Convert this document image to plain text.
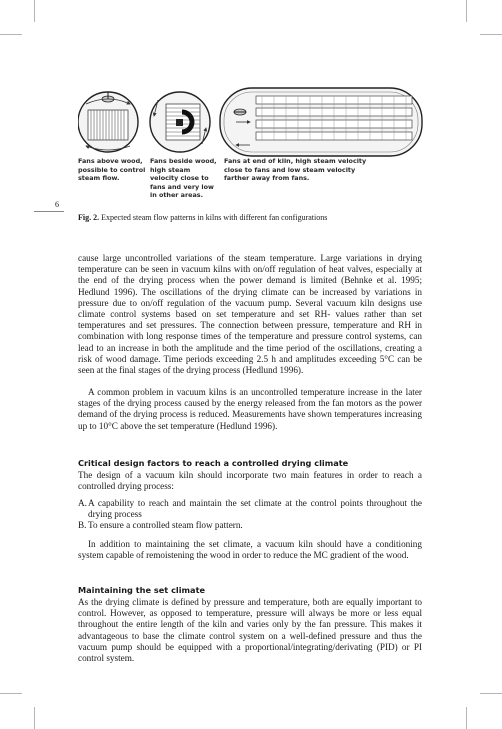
Fans above wood, possible to control steam flow.
Fans beside wood, high steam velocity close to fans and very low in other areas.
Fans at end of kiln, high steam velocity close to fans and low steam velocity farther away from fans.
6
Fig. 2. Expected steam flow patterns in kilns with different fan configurations

cause large uncontrolled variations of the steam temperature. Large variations in drying temperature can be seen in vacuum kilns with on/off regulation of heat valves, especially at the end of the drying process when the power demand is limited (Behnke et al. 1995; Hedlund 1996). The oscillations of the drying climate can be increased by variations in pressure due to on/off regulation of the vacuum pump. Several vacuum kiln designs use climate control systems based on set temperature and set RH- values rather than set temperatures and set pressures. The connection between pressure, temperature and RH in combination with long response times of the temperature and pressure control systems, can lead to an increase in both the amplitude and the time period of the oscillations, creating a risk of wood damage. Time periods exceeding 2.5 h and amplitudes exceeding 5°C can be seen at the final stages of the drying process (Hedlund 1996).

A common problem in vacuum kilns is an uncontrolled temperature increase in the later stages of the drying process caused by the energy released from the fan motors as the power demand of the drying process is reduced. Measurements have shown temperatures increasing up to 10°C above the set temperature (Hedlund 1996).

Critical design factors to reach a controlled drying climate

The design of a vacuum kiln should incorporate two main features in order to reach a controlled drying process:

A. A capability to reach and maintain the set climate at the control points throughout the drying process
B. To ensure a controlled steam flow pattern.

In addition to maintaining the set climate, a vacuum kiln should have a conditioning system capable of remoistening the wood in order to reduce the MC gradient of the wood.

Maintaining the set climate

As the drying climate is defined by pressure and temperature, both are equally important to control. However, as opposed to temperature, pressure will always be more or less equal throughout the entire length of the kiln and varies only by the fan pressure. This makes it advantageous to base the climate control system on a well-defined pressure and thus the vacuum pump should be equipped with a proportional/integrating/derivating (PID) or PI control system.
